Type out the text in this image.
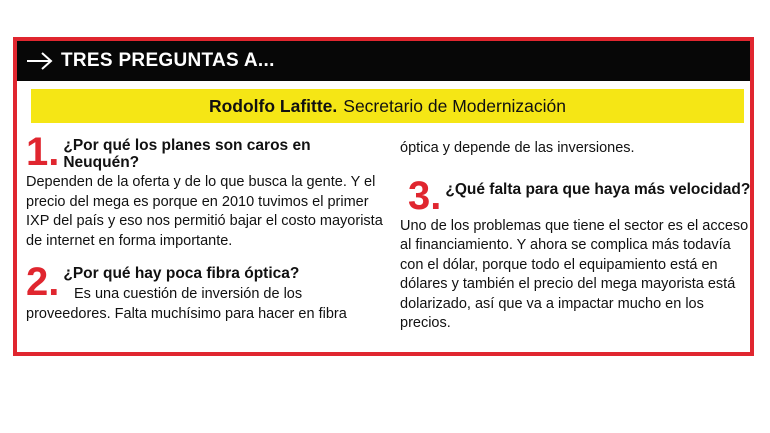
TRES PREGUNTAS A...
Rodolfo Lafitte. Secretario de Modernización
1. ¿Por qué los planes son caros en Neuquén?

Dependen de la oferta y de lo que busca la gente. Y el precio del mega es porque en 2010 tuvimos el primer IXP del país y eso nos permitió bajar el costo mayorista de internet en forma importante.

2. ¿Por qué hay poca fibra óptica?

Es una cuestión de inversión de los proveedores. Falta muchísimo para hacer en fibra

óptica y depende de las inversiones.

3. ¿Qué falta para que haya más velocidad?

Uno de los problemas que tiene el sector es el acceso al financiamiento. Y ahora se complica más todavía con el dólar, porque todo el equipamiento está en dólares y también el precio del mega mayorista está dolarizado, así que va a impactar mucho en los precios.
